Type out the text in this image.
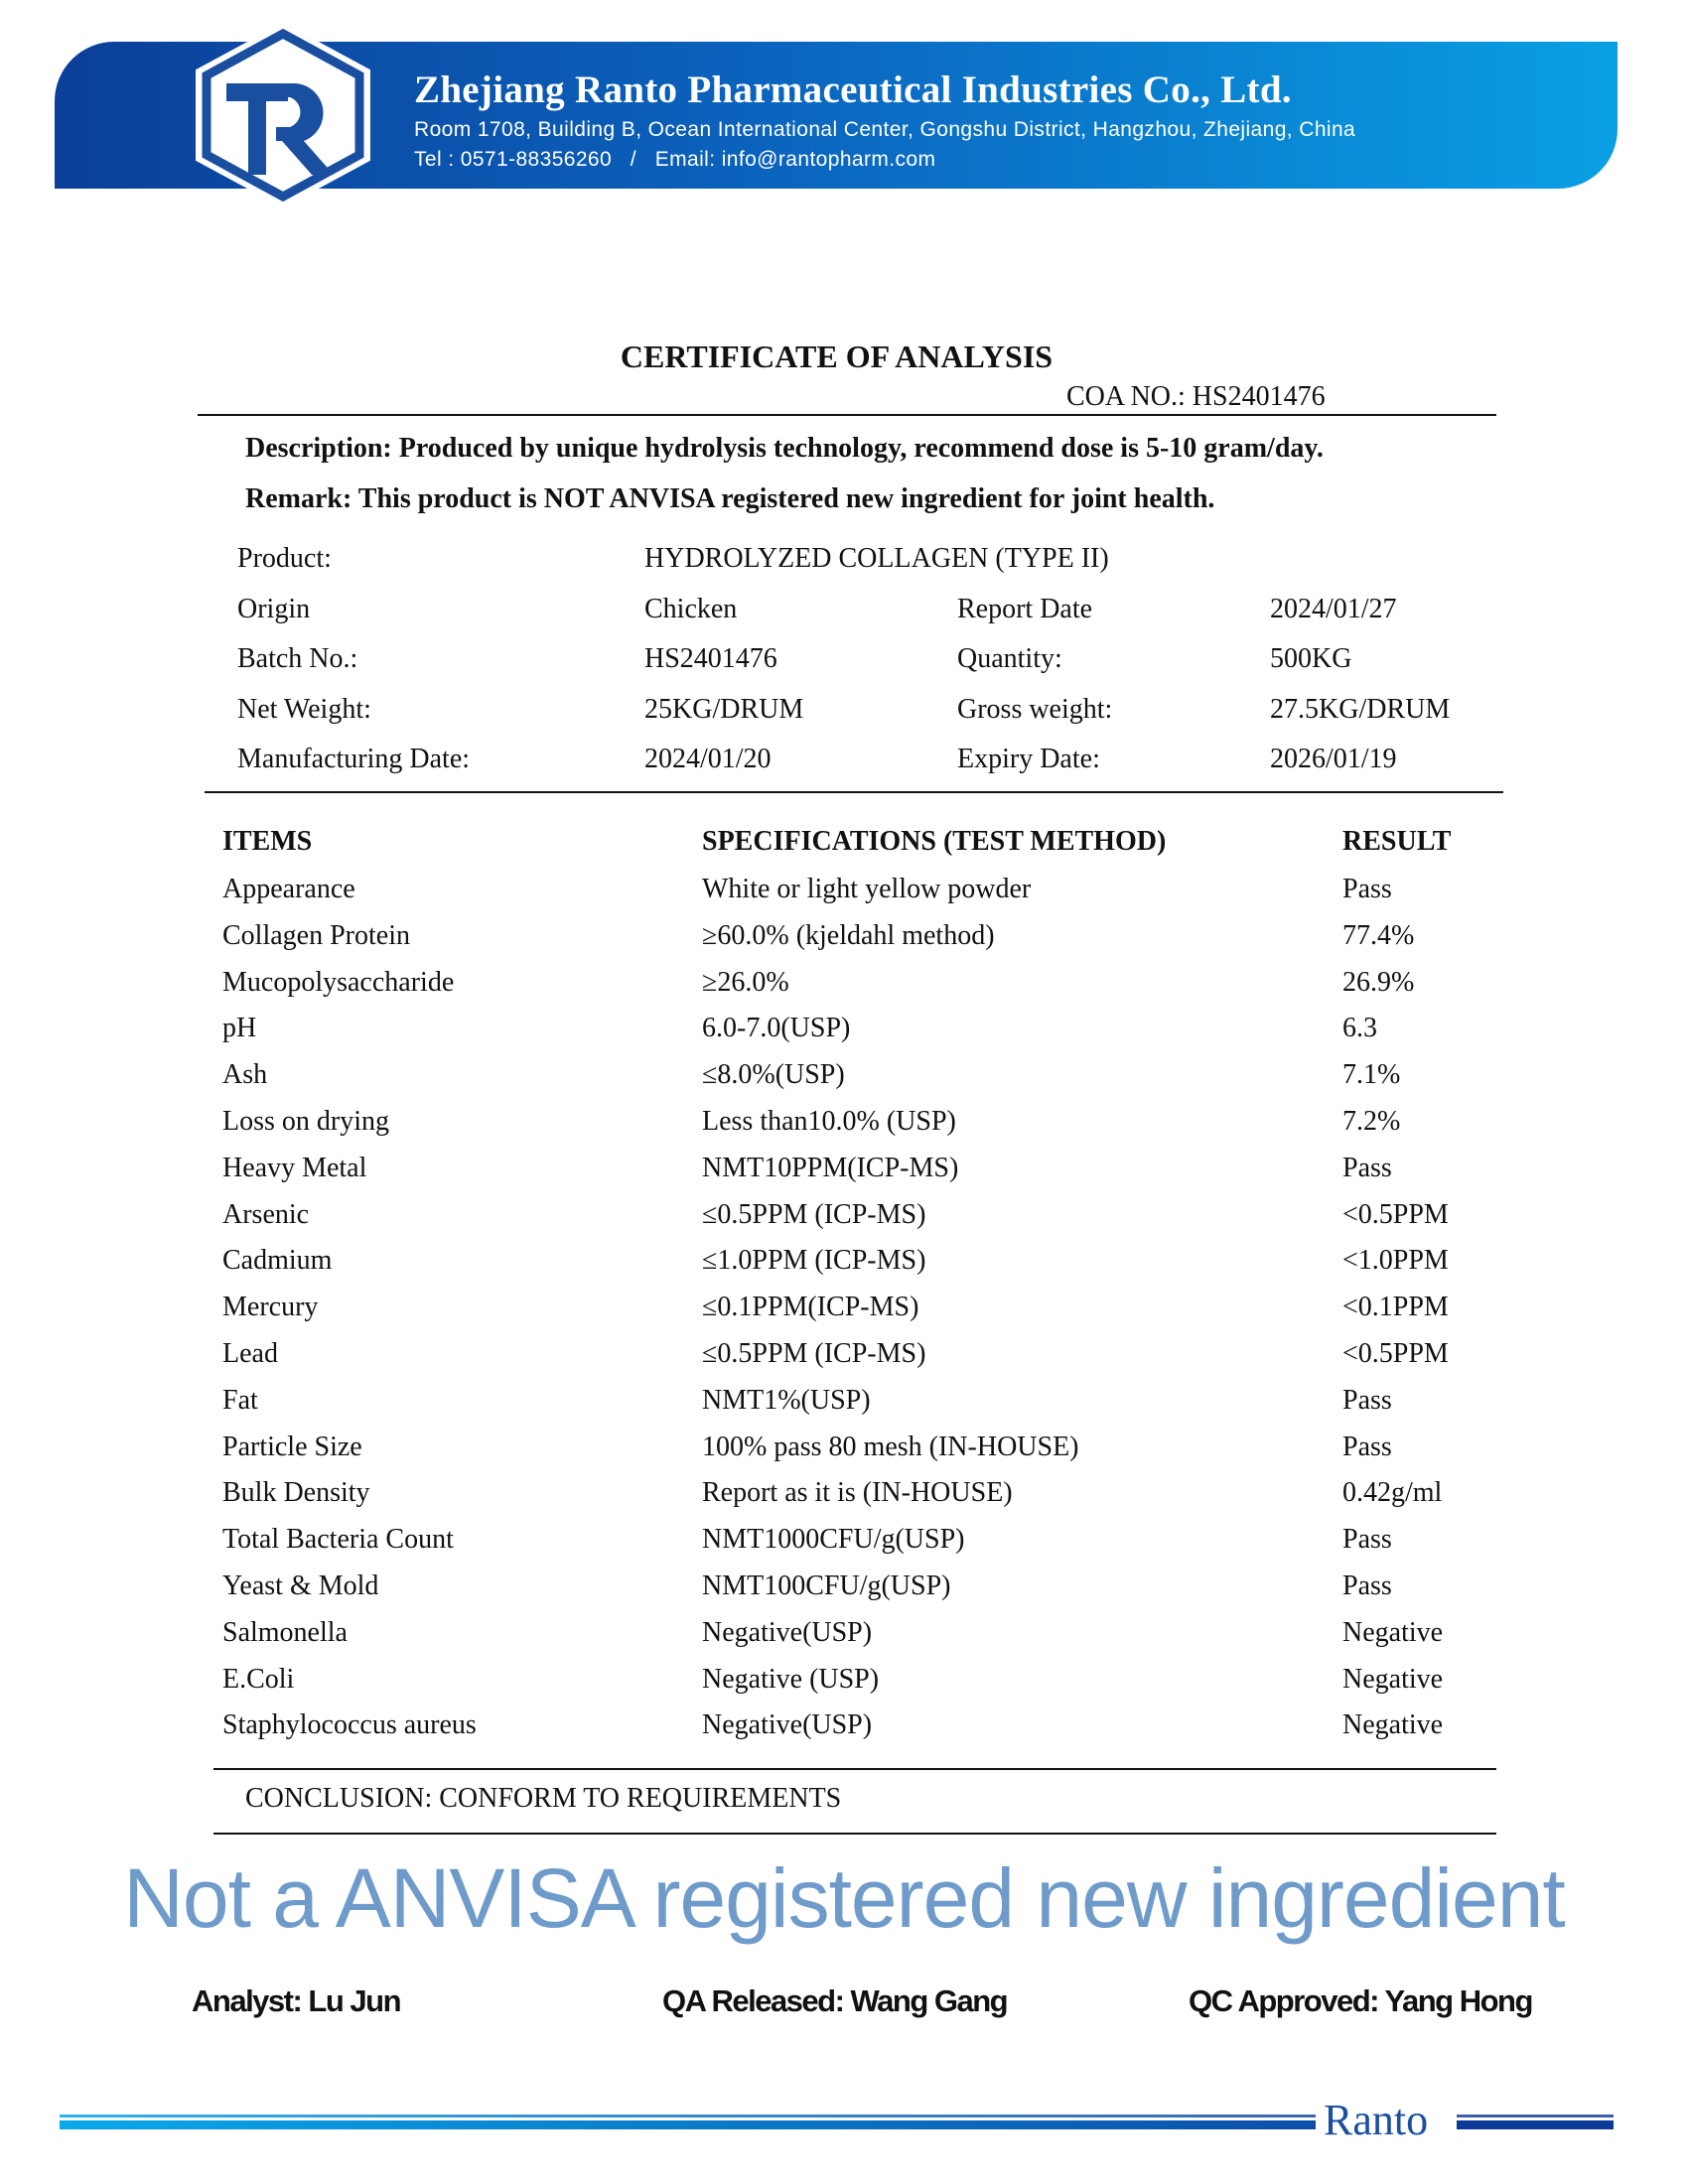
Zhejiang Ranto Pharmaceutical Industries Co., Ltd.
Room 1708, Building B, Ocean International Center, Gongshu District, Hangzhou, Zhejiang, China
Tel : 0571-88356260   /   Email: info@rantopharm.com
CERTIFICATE OF ANALYSIS
COA NO.: HS2401476
Description: Produced by unique hydrolysis technology, recommend dose is 5-10 gram/day.
Remark: This product is NOT ANVISA registered new ingredient for joint health.
Product:	HYDROLYZED COLLAGEN (TYPE II)
Origin	Chicken	Report Date	2024/01/27
Batch No.:	HS2401476	Quantity:	500KG
Net Weight:	25KG/DRUM	Gross weight:	27.5KG/DRUM
Manufacturing Date:	2024/01/20	Expiry Date:	2026/01/19
ITEMS	SPECIFICATIONS (TEST METHOD)	RESULT
Appearance	White or light yellow powder	Pass
Collagen Protein	≥60.0% (kjeldahl method)	77.4%
Mucopolysaccharide	≥26.0%	26.9%
pH	6.0-7.0(USP)	6.3
Ash	≤8.0%(USP)	7.1%
Loss on drying	Less than10.0% (USP)	7.2%
Heavy Metal	NMT10PPM(ICP-MS)	Pass
Arsenic	≤0.5PPM (ICP-MS)	<0.5PPM
Cadmium	≤1.0PPM (ICP-MS)	<1.0PPM
Mercury	≤0.1PPM(ICP-MS)	<0.1PPM
Lead	≤0.5PPM (ICP-MS)	<0.5PPM
Fat	NMT1%(USP)	Pass
Particle Size	100% pass 80 mesh (IN-HOUSE)	Pass
Bulk Density	Report as it is (IN-HOUSE)	0.42g/ml
Total Bacteria Count	NMT1000CFU/g(USP)	Pass
Yeast & Mold	NMT100CFU/g(USP)	Pass
Salmonella	Negative(USP)	Negative
E.Coli	Negative (USP)	Negative
Staphylococcus aureus	Negative(USP)	Negative
CONCLUSION: CONFORM TO REQUIREMENTS
Not a ANVISA registered new ingredient
Analyst: Lu Jun	QA Released: Wang Gang	QC Approved: Yang Hong
Ranto
